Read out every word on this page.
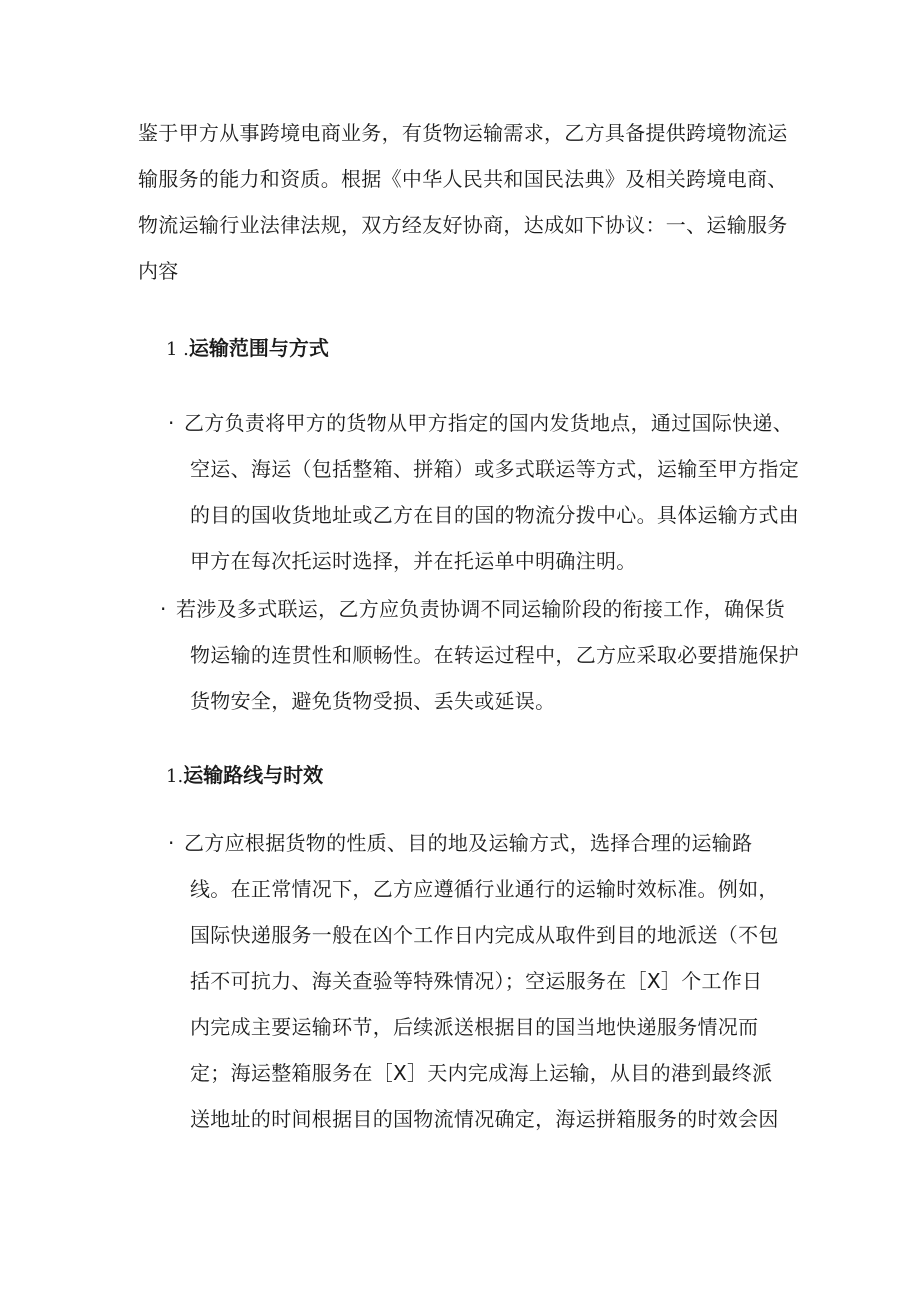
鉴于甲方从事跨境电商业务，有货物运输需求，乙方具备提供跨境物流运输服务的能力和资质。根据《中华人民共和国民法典》及相关跨境电商、物流运输行业法律法规，双方经友好协商，达成如下协议：一、运输服务内容

1 .运输范围与方式

· 乙方负责将甲方的货物从甲方指定的国内发货地点，通过国际快递、空运、海运（包括整箱、拼箱）或多式联运等方式，运输至甲方指定的目的国收货地址或乙方在目的国的物流分拨中心。具体运输方式由甲方在每次托运时选择，并在托运单中明确注明。

· 若涉及多式联运，乙方应负责协调不同运输阶段的衔接工作，确保货物运输的连贯性和顺畅性。在转运过程中，乙方应采取必要措施保护货物安全，避免货物受损、丢失或延误。

1.运输路线与时效

· 乙方应根据货物的性质、目的地及运输方式，选择合理的运输路线。在正常情况下，乙方应遵循行业通行的运输时效标准。例如，国际快递服务一般在凶个工作日内完成从取件到目的地派送（不包括不可抗力、海关查验等特殊情况）；空运服务在［X］个工作日内完成主要运输环节，后续派送根据目的国当地快递服务情况而定；海运整箱服务在［X］天内完成海上运输，从目的港到最终派送地址的时间根据目的国物流情况确定，海运拼箱服务的时效会因
